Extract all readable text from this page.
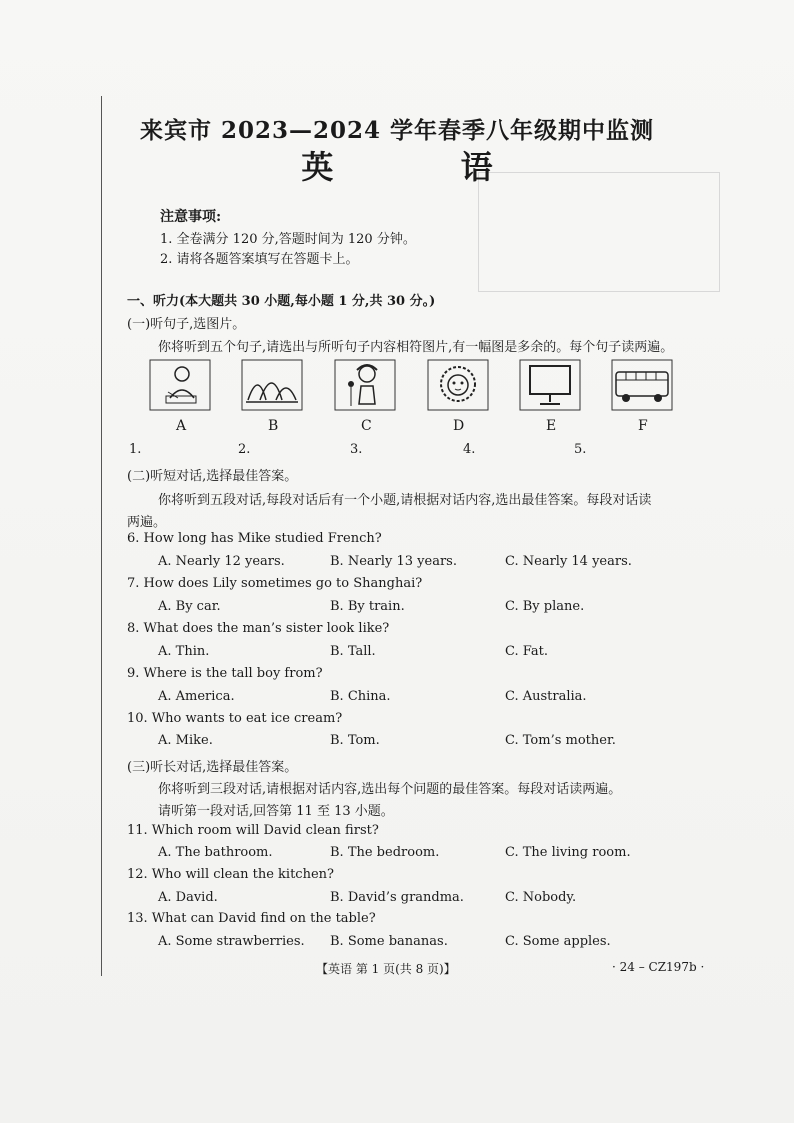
来宾市 2023—2024 学年春季八年级期中监测
英 语
注意事项:
1. 全卷满分 120 分,答题时间为 120 分钟。
2. 请将各题答案填写在答题卡上。
一、听力(本大题共 30 小题,每小题 1 分,共 30 分。)
(一)听句子,选图片。
你将听到五个句子,请选出与所听句子内容相符图片,有一幅图是多余的。每个句子读两遍。
A	B	C	D	E	F
1.	2.	3.	4.	5.
(二)听短对话,选择最佳答案。
你将听到五段对话,每段对话后有一个小题,请根据对话内容,选出最佳答案。每段对话读
两遍。
6. How long has Mike studied French?
A. Nearly 12 years.	B. Nearly 13 years.	C. Nearly 14 years.
7. How does Lily sometimes go to Shanghai?
A. By car.	B. By train.	C. By plane.
8. What does the man’s sister look like?
A. Thin.	B. Tall.	C. Fat.
9. Where is the tall boy from?
A. America.	B. China.	C. Australia.
10. Who wants to eat ice cream?
A. Mike.	B. Tom.	C. Tom’s mother.
(三)听长对话,选择最佳答案。
你将听到三段对话,请根据对话内容,选出每个问题的最佳答案。每段对话读两遍。
请听第一段对话,回答第 11 至 13 小题。
11. Which room will David clean first?
A. The bathroom.	B. The bedroom.	C. The living room.
12. Who will clean the kitchen?
A. David.	B. David’s grandma.	C. Nobody.
13. What can David find on the table?
A. Some strawberries. B. Some bananas.	C. Some apples.
【英语 第 1 页(共 8 页)】	· 24 – CZ197b ·
